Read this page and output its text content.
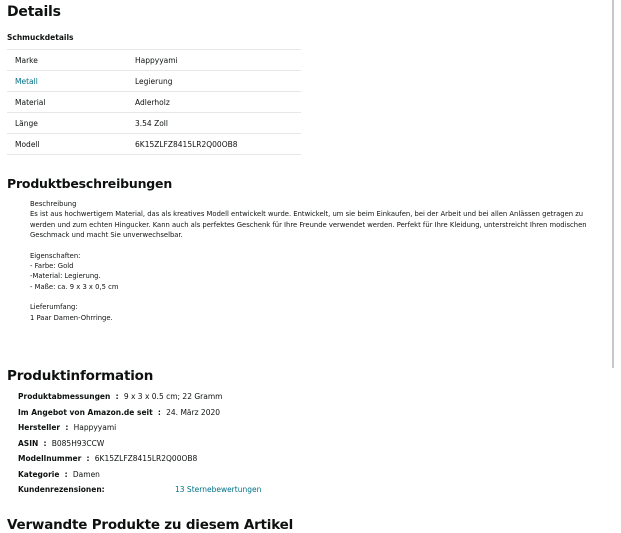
Details
Schmuckdetails
Marke	Happyyami
Metall	Legierung
Material	Adlerholz
Länge	3.54 Zoll
Modell	6K15ZLFZ8415LR2Q00OB8
Produktbeschreibungen

Beschreibung

Es ist aus hochwertigem Material, das als kreatives Modell entwickelt wurde. Entwickelt, um sie beim Einkaufen, bei der Arbeit und bei allen Anlässen getragen zu werden und zum echten Hingucker. Kann auch als perfektes Geschenk für Ihre Freunde verwendet werden. Perfekt für Ihre Kleidung, unterstreicht Ihren modischen Geschmack und macht Sie unverwechselbar.

Eigenschaften:

- Farbe: Gold

-Material: Legierung.

- Maße: ca. 9 x 3 x 0,5 cm

Lieferumfang:

1 Paar Damen-Ohrringe.

Produktinformation
Produktabmessungen  :  9 x 3 x 0.5 cm; 22 Gramm
Im Angebot von Amazon.de seit  :  24. März 2020
Hersteller  :  Happyyami
ASIN  :  B085H93CCW
Modellnummer  :  6K15ZLFZ8415LR2Q00OB8
Kategorie  :  Damen
Kundenrezensionen:	13 Sternebewertungen
Verwandte Produkte zu diesem Artikel
